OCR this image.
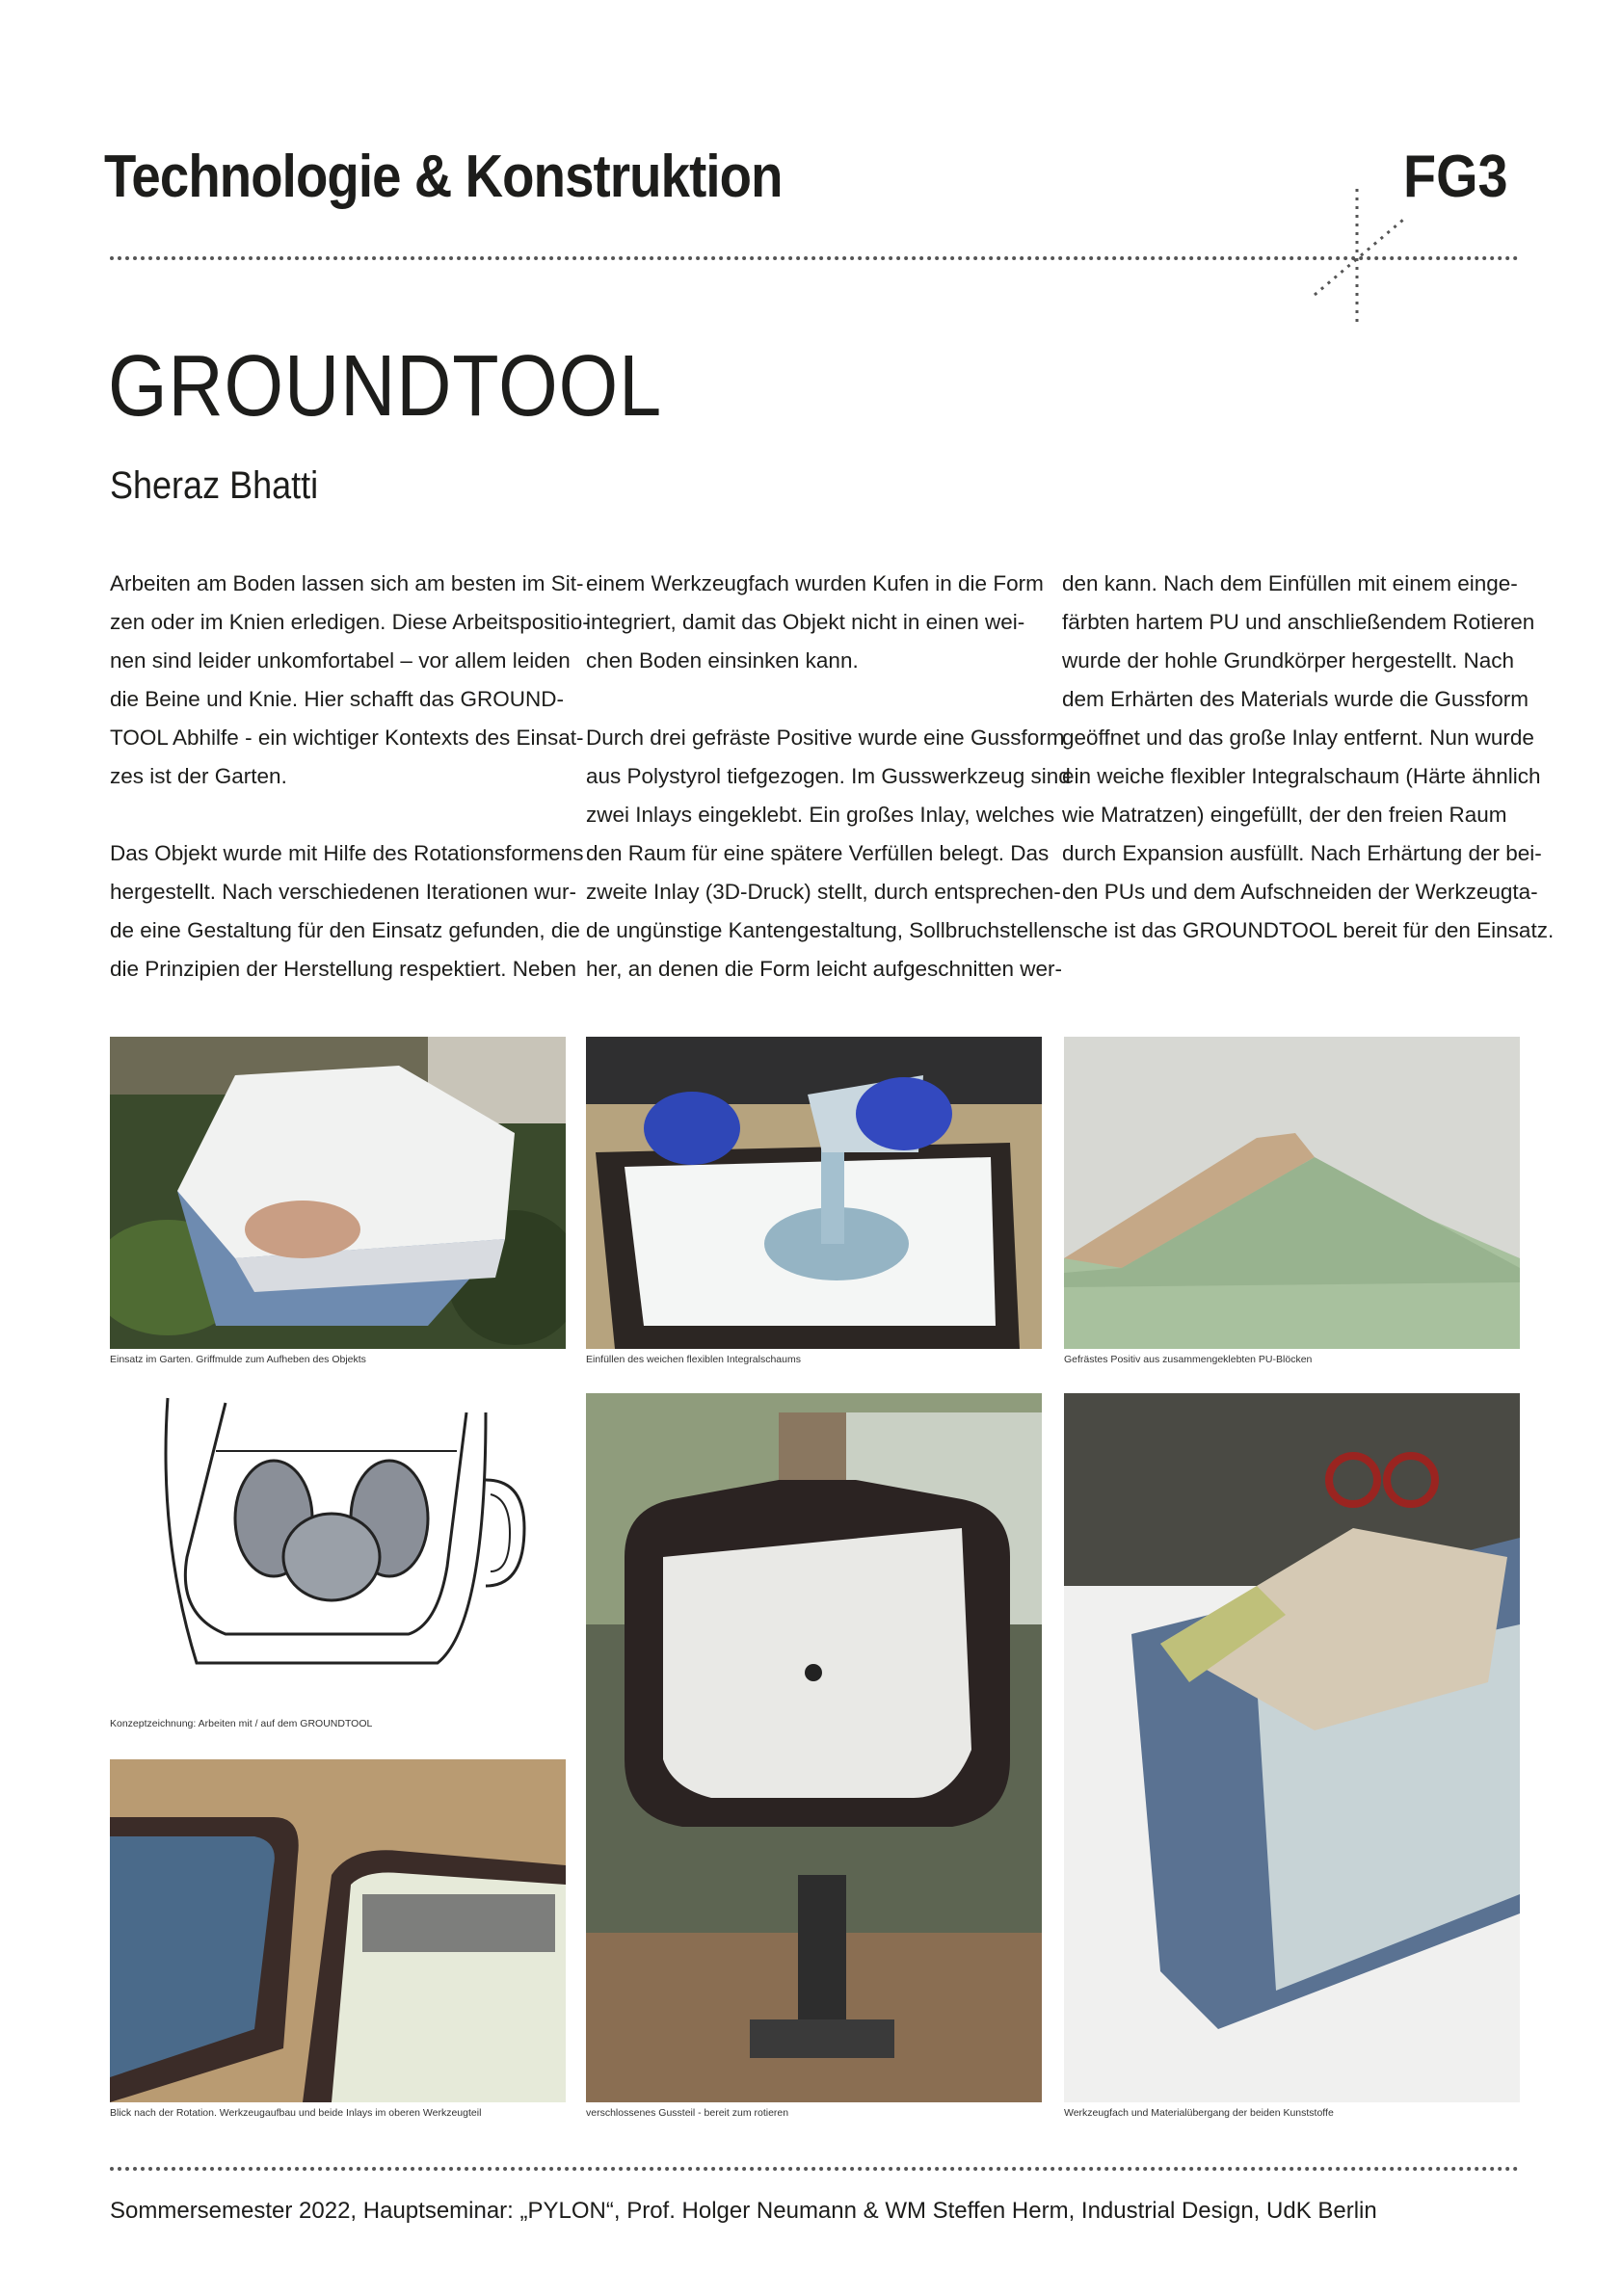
Technologie & Konstruktion	FG3
GROUNDTOOL
Sheraz Bhatti

Arbeiten am Boden lassen sich am besten im Sit-
zen oder im Knien erledigen. Diese Arbeitspositio-
nen sind leider unkomfortabel – vor allem leiden
die Beine und Knie. Hier schafft das GROUND-
TOOL Abhilfe - ein wichtiger Kontexts des Einsat-
zes ist der Garten.

Das Objekt wurde mit Hilfe des Rotationsformens
hergestellt. Nach verschiedenen Iterationen wur-
de eine Gestaltung für den Einsatz gefunden, die
die Prinzipien der Herstellung respektiert. Neben

einem Werkzeugfach wurden Kufen in die Form
integriert, damit das Objekt nicht in einen wei-
chen Boden einsinken kann.

Durch drei gefräste Positive wurde eine Gussform
aus Polystyrol tiefgezogen. Im Gusswerkzeug sind
zwei Inlays eingeklebt. Ein großes Inlay, welches
den Raum für eine spätere Verfüllen belegt. Das
zweite Inlay (3D-Druck) stellt, durch entsprechen-
de ungünstige Kantengestaltung, Sollbruchstellen
her, an denen die Form leicht aufgeschnitten wer-

den kann. Nach dem Einfüllen mit einem einge-
färbten hartem PU und anschließendem Rotieren
wurde der hohle Grundkörper hergestellt. Nach
dem Erhärten des Materials wurde die Gussform
geöffnet und das große Inlay entfernt. Nun wurde
ein weiche flexibler Integralschaum (Härte ähnlich
wie Matratzen) eingefüllt, der den freien Raum
durch Expansion ausfüllt. Nach Erhärtung der bei-
den PUs und dem Aufschneiden der Werkzeugta-
sche ist das GROUNDTOOL bereit für den Einsatz.

Einsatz im Garten. Griffmulde zum Aufheben des Objekts	Einfüllen des weichen flexiblen Integralschaums	Gefrästes Positiv aus zusammengeklebten PU-Blöcken
Konzeptzeichnung: Arbeiten mit / auf dem GROUNDTOOL
verschlossenes Gussteil - bereit zum rotieren	Werkzeugfach und Materialübergang der beiden Kunststoffe
Blick nach der Rotation. Werkzeugaufbau und beide Inlays im oberen Werkzeugteil
Sommersemester 2022, Hauptseminar: „PYLON“, Prof. Holger Neumann & WM Steffen Herm, Industrial Design, UdK Berlin
